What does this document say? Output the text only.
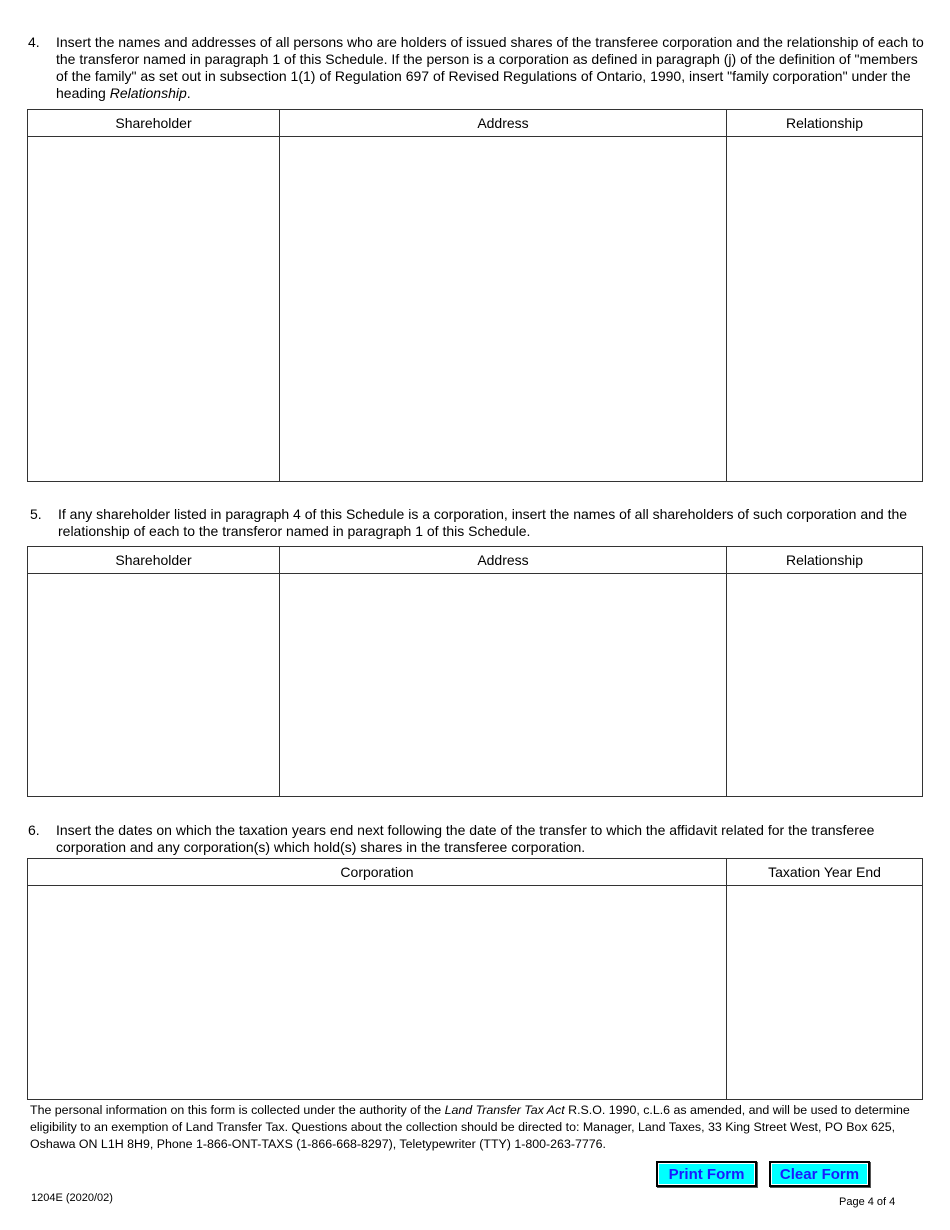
4. Insert the names and addresses of all persons who are holders of issued shares of the transferee corporation and the relationship of each to
the transferor named in paragraph 1 of this Schedule. If the person is a corporation as defined in paragraph (j) of the definition of "members
of the family" as set out in subsection 1(1) of Regulation 697 of Revised Regulations of Ontario, 1990, insert "family corporation" under the
heading Relationship.
Shareholder	Address	Relationship

5. If any shareholder listed in paragraph 4 of this Schedule is a corporation, insert the names of all shareholders of such corporation and the
relationship of each to the transferor named in paragraph 1 of this Schedule.
Shareholder	Address	Relationship

6. Insert the dates on which the taxation years end next following the date of the transfer to which the affidavit related for the transferee
corporation and any corporation(s) which hold(s) shares in the transferee corporation.
Corporation	Taxation Year End

The personal information on this form is collected under the authority of the Land Transfer Tax Act R.S.O. 1990, c.L.6 as amended, and will be used to determine
eligibility to an exemption of Land Transfer Tax. Questions about the collection should be directed to: Manager, Land Taxes, 33 King Street West, PO Box 625,
Oshawa ON L1H 8H9, Phone 1-866-ONT-TAXS (1-866-668-8297), Teletypewriter (TTY) 1-800-263-7776.
Print Form	Clear Form
1204E (2020/02)	Page 4 of 4
